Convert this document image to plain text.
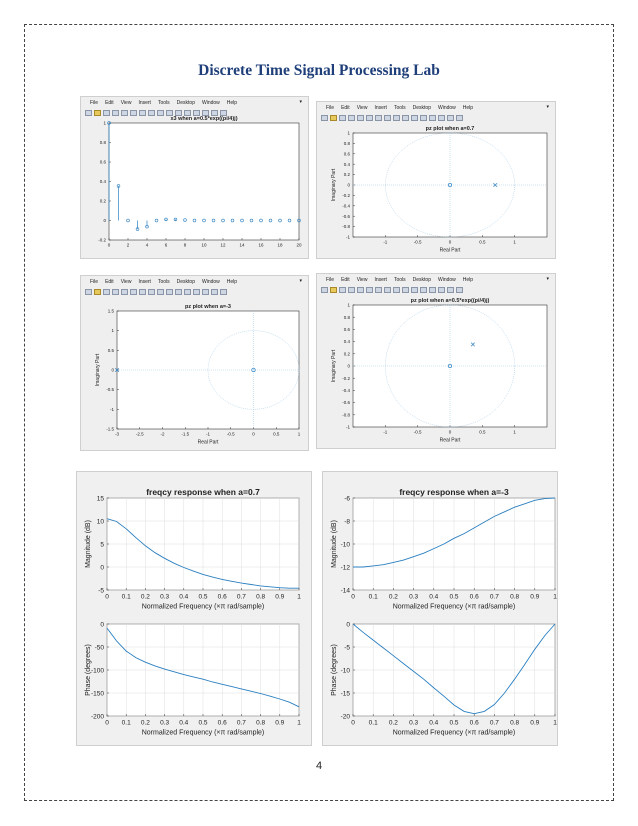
Discrete Time Signal Processing Lab
File Edit View Insert Tools Desktop Window Help	▾
0	2	4	6	8	10	12	14	16	18	20
-0.2
0
0.2
0.4
0.6
0.8
1
x3 when a=0.5*exp((pi/4)j)
File Edit View Insert Tools Desktop Window Help	▾
-1	-0.5	0	0.5	1
-1
-0.8
-0.6
-0.4
-0.2
0
0.2
0.4
0.6
0.8
1
pz plot when a=0.7
Real Part
Imaginary Part
File Edit View Insert Tools Desktop Window Help	▾
-3	-2.5	-2	-1.5	-1	-0.5	0	0.5	1
-1.5
-1
-0.5
0
0.5
1
1.5
pz plot when a=-3
Real Part
Imaginary Part
File Edit View Insert Tools Desktop Window Help	▾
-1	-0.5	0	0.5	1
-1
-0.8
-0.6
-0.4
-0.2
0
0.2
0.4
0.6
0.8
1
pz plot when a=0.5*exp((pi/4)j)
Real Part
Imaginary Part
0 0.1 0.2 0.3 0.4 0.5 0.6 0.7 0.8 0.9 1
-5
0
5
10
15
freqcy response when a=0.7
Normalized Frequency (×π rad/sample)
Magnitude (dB)
0 0.1 0.2 0.3 0.4 0.5 0.6 0.7 0.8 0.9 1
-200
-150
-100
-50
0
Normalized Frequency (×π rad/sample)
Phase (degrees)
0 0.1 0.2 0.3 0.4 0.5 0.6 0.7 0.8 0.9 1
-14
-12
-10
-8
-6
freqcy response when a=-3
Normalized Frequency (×π rad/sample)
Magnitude (dB)
0 0.1 0.2 0.3 0.4 0.5 0.6 0.7 0.8 0.9 1
-20
-15
-10
-5
0
Normalized Frequency (×π rad/sample)
Phase (degrees)
4
